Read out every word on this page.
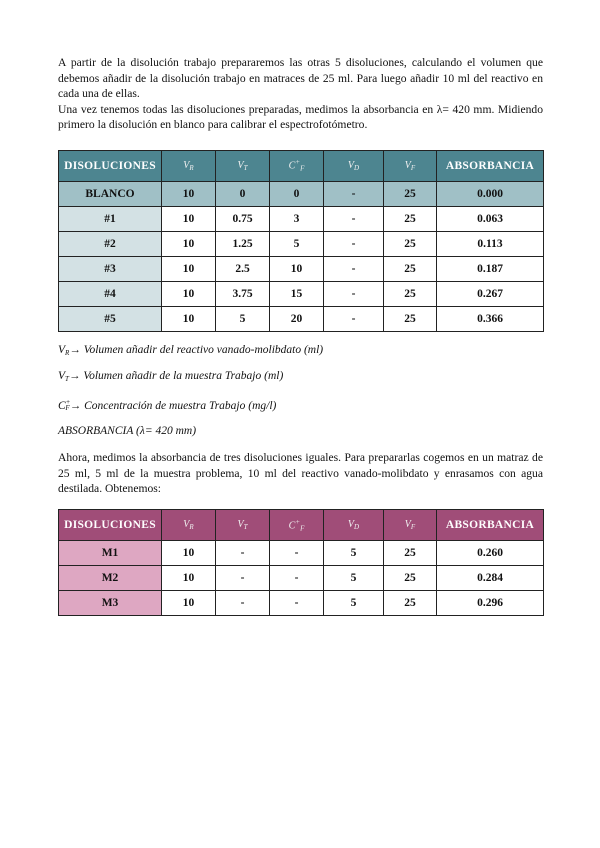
A partir de la disolución trabajo prepararemos las otras 5 disoluciones, calculando el volumen que debemos añadir de la disolución trabajo en matraces de 25 ml. Para luego añadir 10 ml del reactivo en cada una de ellas.

Una vez tenemos todas las disoluciones preparadas, medimos la absorbancia en λ= 420 mm. Midiendo primero la disolución en blanco para calibrar el espectrofotómetro.

DISOLUCIONES	$V_R$	$V_T$	$C^+_F$	$V_D$	$V_F$	ABSORBANCIA
BLANCO	10	0	0	-	25	0.000
#1	10	0.75	3	-	25	0.063
#2	10	1.25	5	-	25	0.113
#3	10	2.5	10	-	25	0.187
#4	10	3.75	15	-	25	0.267
#5	10	5	20	-	25	0.366

$V_R\to$ Volumen añadir del reactivo vanado-molibdato (ml)

$V_T\to$ Volumen añadir de la muestra Trabajo (ml)

$C^+_F\to$ Concentración de muestra Trabajo (mg/l)

ABSORBANCIA (λ= 420 mm)

Ahora, medimos la absorbancia de tres disoluciones iguales. Para prepararlas cogemos en un matraz de 25 ml, 5 ml de la muestra problema, 10 ml del reactivo vanado-molibdato y enrasamos con agua destilada. Obtenemos:

DISOLUCIONES	$V_R$	$V_T$	$C^+_F$	$V_D$	$V_F$	ABSORBANCIA
M1	10	-	-	5	25	0.260
M2	10	-	-	5	25	0.284
M3	10	-	-	5	25	0.296
